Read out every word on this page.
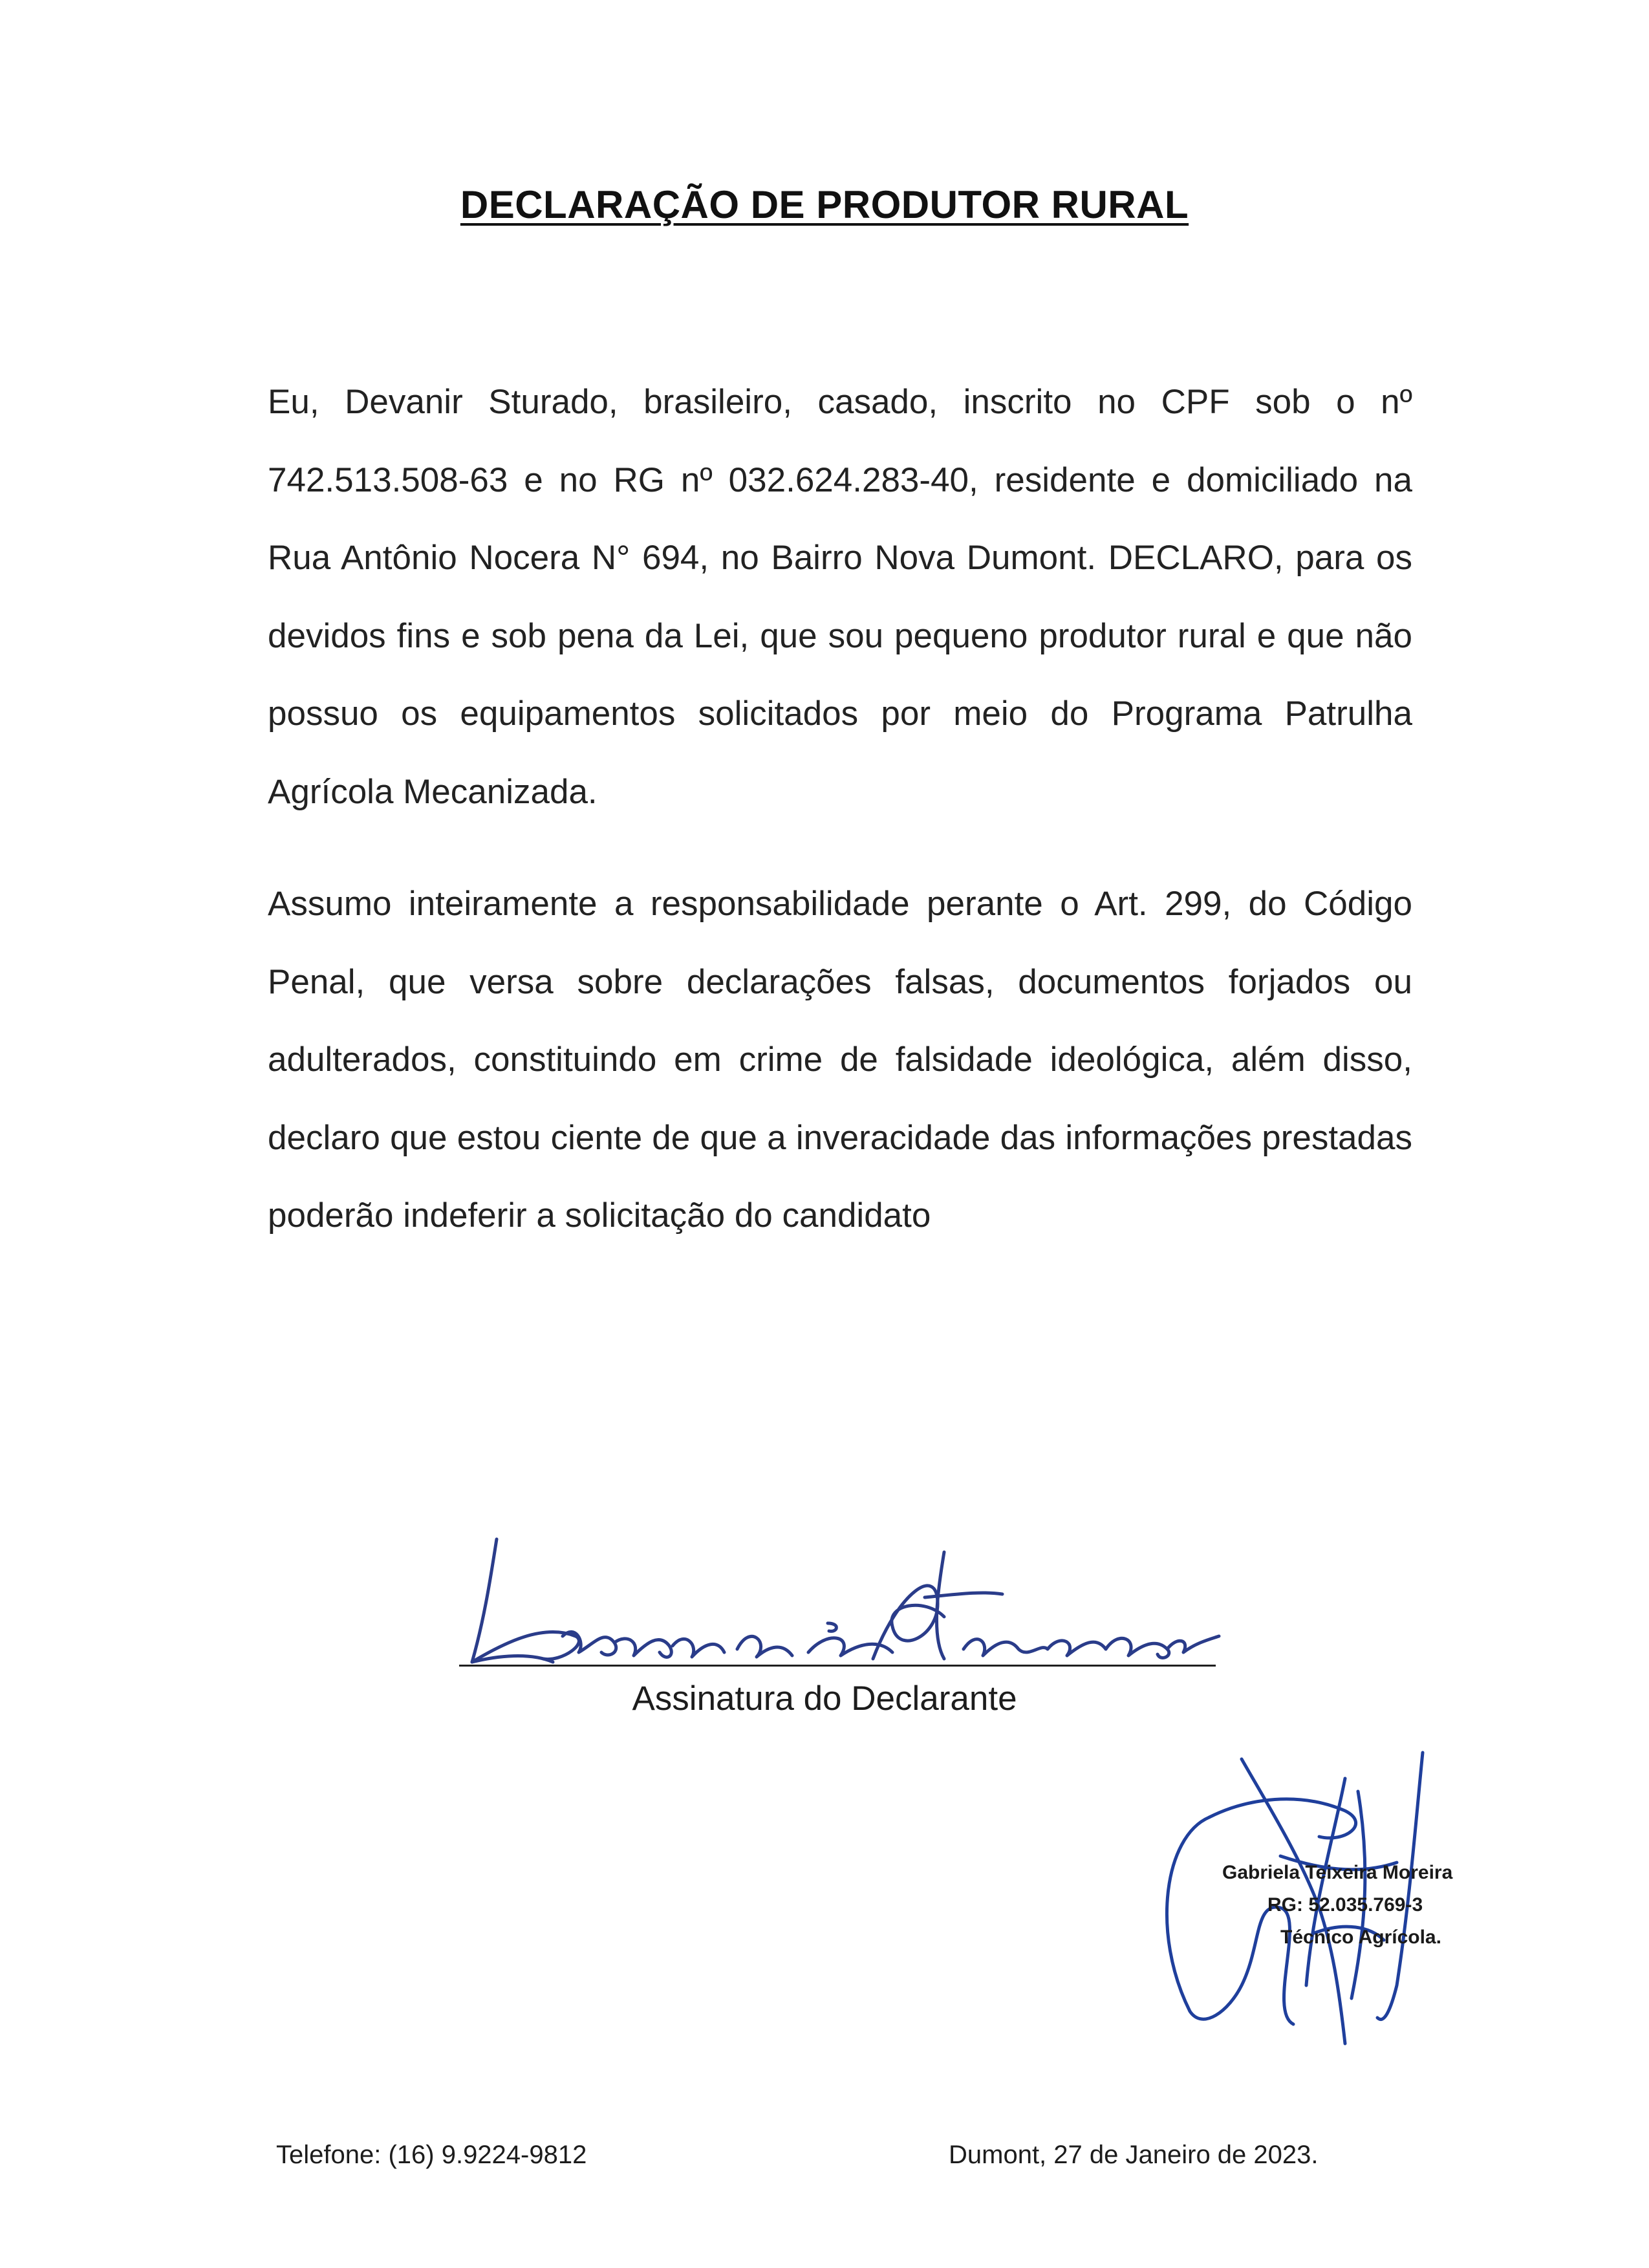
DECLARAÇÃO DE PRODUTOR RURAL
Eu, Devanir Sturado, brasileiro, casado, inscrito no CPF sob o nº 742.513.508-63 e no RG nº 032.624.283-40, residente e domiciliado na Rua Antônio Nocera N° 694, no Bairro Nova Dumont. DECLARO, para os devidos fins e sob pena da Lei, que sou pequeno produtor rural e que não possuo os equipamentos solicitados por meio do Programa Patrulha Agrícola Mecanizada.
Assumo inteiramente a responsabilidade perante o Art. 299, do Código Penal, que versa sobre declarações falsas, documentos forjados ou adulterados, constituindo em crime de falsidade ideológica, além disso, declaro que estou ciente de que a inveracidade das informações prestadas poderão indeferir a solicitação do candidato
Assinatura do Declarante
Gabriela Teixeira Moreira
RG: 52.035.769-3
Técnico Agrícola.
Telefone: (16) 9.9224-9812	Dumont, 27 de Janeiro de 2023.
